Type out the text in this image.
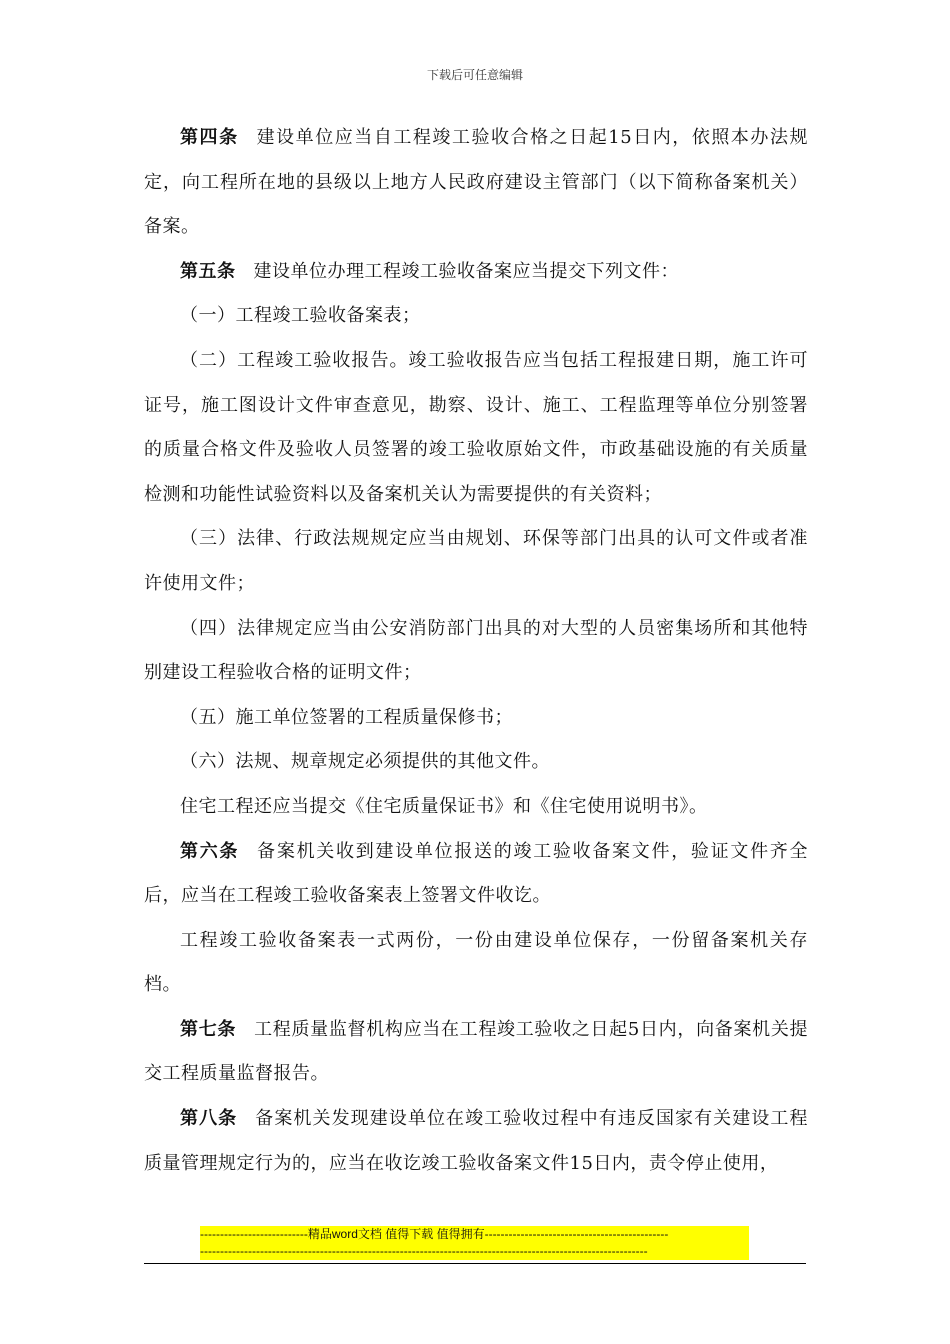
下载后可任意编辑

第四条 建设单位应当自工程竣工验收合格之日起15日内，依照本办法规定，向工程所在地的县级以上地方人民政府建设主管部门（以下简称备案机关）备案。

第五条 建设单位办理工程竣工验收备案应当提交下列文件：

（一）工程竣工验收备案表；

（二）工程竣工验收报告。竣工验收报告应当包括工程报建日期，施工许可证号，施工图设计文件审查意见，勘察、设计、施工、工程监理等单位分别签署的质量合格文件及验收人员签署的竣工验收原始文件，市政基础设施的有关质量检测和功能性试验资料以及备案机关认为需要提供的有关资料；

（三）法律、行政法规规定应当由规划、环保等部门出具的认可文件或者准许使用文件；

（四）法律规定应当由公安消防部门出具的对大型的人员密集场所和其他特别建设工程验收合格的证明文件；

（五）施工单位签署的工程质量保修书；

（六）法规、规章规定必须提供的其他文件。

住宅工程还应当提交《住宅质量保证书》和《住宅使用说明书》。

第六条 备案机关收到建设单位报送的竣工验收备案文件，验证文件齐全后，应当在工程竣工验收备案表上签署文件收讫。

工程竣工验收备案表一式两份，一份由建设单位保存，一份留备案机关存档。

第七条 工程质量监督机构应当在工程竣工验收之日起5日内，向备案机关提交工程质量监督报告。

第八条 备案机关发现建设单位在竣工验收过程中有违反国家有关建设工程质量管理规定行为的，应当在收讫竣工验收备案文件15日内，责令停止使用，

---------------------------精品word文档 值得下载 值得拥有----------------------------------------------
----------------------------------------------------------------------------------------------------------------
